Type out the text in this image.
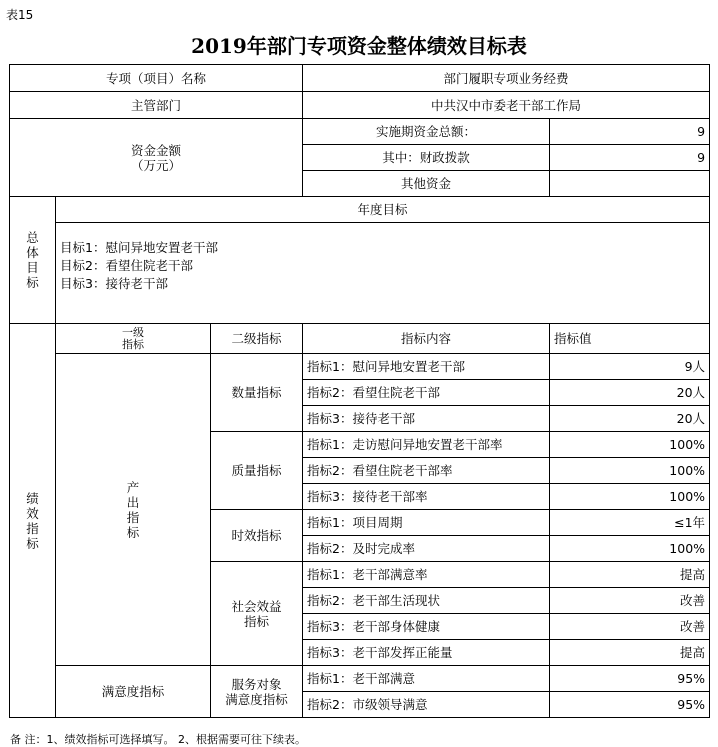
表15
2019年部门专项资金整体绩效目标表
专项（项目）名称			部门履职专项业务经费	
主管部门			中共汉中市委老干部工作局	

资金金额
（万元）			实施期资金总额：	9
			其中：财政拨款	9
			其他资金	

总
体
目
标	年度目标			

	目标1：慰问异地安置老干部
目标2：看望住院老干部
目标3：接待老干部			

绩
效
指
标	一级
指标	二级指标	指标内容	指标值

	产
出
指
标	数量指标	指标1：慰问异地安置老干部	9人
			指标2：看望住院老干部	20人
			指标3：接待老干部	20人
		质量指标	指标1：走访慰问异地安置老干部率	100%
			指标2：看望住院老干部率	100%
			指标3：接待老干部率	100%
		时效指标	指标1：项目周期	≤1年
			指标2：及时完成率	100%

		社会效益
指标	指标1：老干部满意率	提高
			指标2：老干部生活现状	改善
			指标3：老干部身体健康	改善
			指标3：老干部发挥正能量	提高
	满意度指标	服务对象
满意度指标	指标1：老干部满意	95%
			指标2：市级领导满意	95%
备 注：1、绩效指标可选择填写。 2、根据需要可往下续表。
